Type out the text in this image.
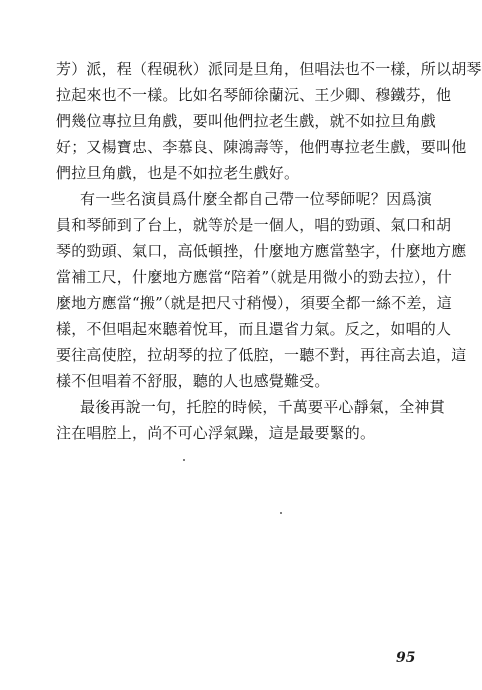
芳）派，程（程硯秋）派同是旦角，但唱法也不一樣，所以胡琴
拉起來也不一樣。比如名琴師徐蘭沅、王少卿、穆鐵芬，他
們幾位專拉旦角戲，要叫他們拉老生戲，就不如拉旦角戲
好；又楊寶忠、李慕良、陳鴻壽等，他們專拉老生戲，要叫他
們拉旦角戲，也是不如拉老生戲好。
有一些名演員爲什麼全都自己帶一位琴師呢？因爲演
員和琴師到了台上，就等於是一個人，唱的勁頭、氣口和胡
琴的勁頭、氣口，高低頓挫，什麼地方應當墊字，什麼地方應
當補工尺，什麼地方應當“陪着”（就是用微小的勁去拉），什
麼地方應當“搬”（就是把尺寸稍慢），須要全都一絲不差，這
樣，不但唱起來聽着悅耳，而且還省力氣。反之，如唱的人
要往高使腔，拉胡琴的拉了低腔，一聽不對，再往高去追，這
樣不但唱着不舒服，聽的人也感覺難受。
最後再說一句，托腔的時候，千萬要平心靜氣，全神貫
注在唱腔上，尚不可心浮氣躁，這是最要緊的。
95
